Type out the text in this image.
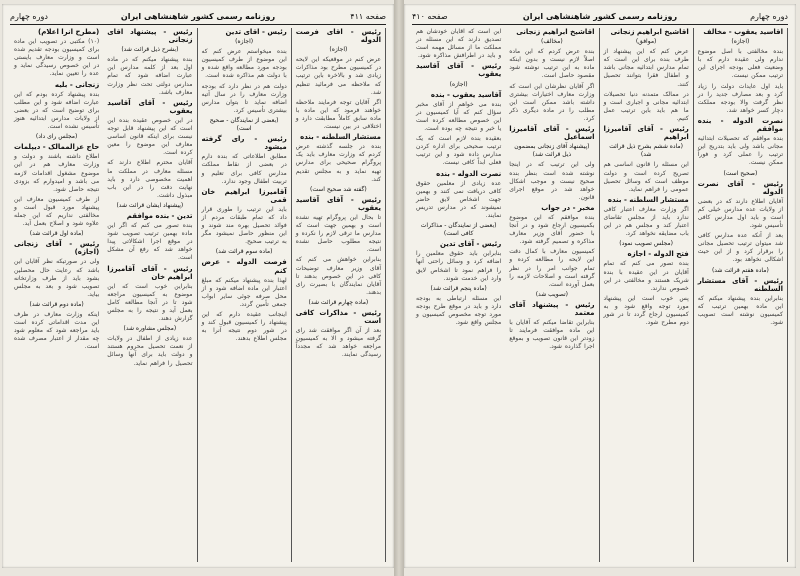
صفحه ۴۱۱
روزنامه رسمی کشور شاهنشاهی ایران
دوره چهارم

(مطرح آنرا اعلام)

(۱۰) مکتبی در تصویب این ماده برای کمیسیون بودجه تقدیم شده است و وزارت معارف بایستی در این خصوص رسیدگی نماید و عده را تعیین نماید.

زنجانی - بلیه

بنده پیشنهاد کرده بودم که این عبارت اضافه شود و این مطلب برای توضیح است که در بعضی از ولایات مدارس ابتدائیه هنوز تأسیس نشده است.

(مجلس رای داد)

حاج عزالممالک - دیپلمات

اطلاع داشته باشند و دولت و وزارت معارف هم در این موضوع مشغول اقدامات لازمه می باشد و امیدوارم که بزودی نتیجه حاصل شود.

از طرف کمیسیون معارف این پیشنهاد مورد قبول است و مخالفتی نداریم که این جمله علاوه شود و اصلاح بعمل آید.

(ماده اول قرائت شد)

رئیس - آقای زنجانی (اجازه)

ولی در صورتیکه نظر آقایان این باشد که رعایت حال محصلین بشود باید از طرف وزارتخانه تصویب شود و بعد به مجلس بیاید.

(ماده دوم قرائت شد)

اینکه وزارت معارف در ظرف این مدت اقداماتی کرده است باید مراجعه شود که معلوم شود چه مقدار از اعتبار مصرف شده است.

رئیس - پیشنهاد آقای زنجانی

(بشرح ذیل قرائت شد)

بنده پیشنهاد میکنم که در ماده اول بعد از کلمه مدارس این عبارت اضافه شود که تمام مدارس دولتی تحت نظر وزارت معارف باشد.

رئیس - آقای آقاسید یعقوب

در این خصوص عقیده بنده این است که این پیشنهاد قابل توجه نیست برای اینکه قانون اساسی معارف این موضوع را معین کرده است.

آقایان محترم اطلاع دارند که مسئله معارف در مملکت ما اهمیت مخصوصی دارد و باید نهایت دقت را در این باب مبذول داشت.

(پیشنهاد ایشان قرائت شد)

تدین - بنده موافقم

بنده تصور می کنم که اگر این ماده بهمین ترتیب تصویب شود در موقع اجرا اشکالاتی پیدا خواهد شد که رفع آن مشکل است.

رئیس - آقای آقامیرزا ابراهیم خان

بنابراین خوب است که این موضوع به کمیسیون مراجعه شود تا در آنجا مطالعه کامل بعمل آید و نتیجه را به مجلس گزارش دهند.

(مجلس مشاوره شد)

عده زیادی از اطفال در ولایات از نعمت تحصیل محروم هستند و دولت باید برای آنها وسائل تحصیل را فراهم نماید.

رئیس - آقای تدین

(اجازه)

بنده میخواستم عرض کنم که این موضوع از طرف کمیسیون بودجه مورد مطالعه واقع شده و با دولت هم مذاکره شده است.

دولت هم در نظر دارد که بودجه وزارت معارف را در سال آتیه اضافه نماید تا بتوان مدارس بیشتری تأسیس کرد.

(بعضی از نمایندگان - صحیح است)

رئیس - رای گرفته میشود

مطابق اطلاعاتی که بنده دارم در بعضی از نقاط مملکت مدارس کافی برای تعلیم و تربیت اطفال وجود ندارد.

آقامیرزا ابراهیم خان قمی

باید این ترتیب را طوری قرار داد که تمام طبقات مردم از فوائد تحصیل بهره مند شوند و این منظور حاصل نمیشود مگر به ترتیب صحیح.

(ماده سوم قرائت شد)

فرصت الدوله - عرض کنم

لهذا بنده پیشنهاد میکنم که مبلغ اعتبار این ماده اضافه شود و از محل صرفه جوئی سایر ابواب جمعی تأمین گردد.

اینجانب عقیده دارم که این پیشنهاد را کمیسیون قبول کند و در شور دوم نتیجه آنرا به مجلس اطلاع بدهند.

رئیس - آقای فرصت الدوله

(اجازه)

عرض کنم در موقعیکه این لایحه در کمیسیون مطرح بود مذاکرات زیادی شد و بالاخره باین ترتیب که ملاحظه می فرمائید تنظیم شد.

اگر آقایان توجه فرمایند ملاحظه خواهند فرمود که این ماده با ماده سابق کاملاً مطابقت دارد و اختلافی در بین نیست.

مستشار السلطنه - بنده

بنده در جلسه گذشته عرض کردم که وزارت معارف باید یک پروگرام صحیحی برای مدارس تهیه نماید و به مجلس تقدیم کند.

(گفته شد صحیح است)

رئیس - آقای آقاسید یعقوب

تا بحال این پروگرام تهیه نشده است و بهمین جهت است که مدارس ما ترقی لازم را نکرده و نتیجه مطلوب حاصل نشده است.

بنابراین خواهش می کنم که آقای وزیر معارف توضیحات کافی در این خصوص بدهند تا آقایان نمایندگان با بصیرت رای بدهند.

(ماده چهارم قرائت شد)

رئیس - مذاکرات کافی است

بعد از آن اگر موافقت شد رای گرفته میشود و الا به کمیسیون مراجعه خواهد شد که مجدداً رسیدگی نمایند.

صفحه ۴۱۰	روزنامه رسمی کشور شاهنشاهی ایران	دوره چهارم

این است که آقایان خودشان هم تصدیق دارند که این مسئله در مملکت ما از مسائل مهمه است و باید در اطرافش مذاکره شود.

رئیس - آقای آقاسید یعقوب

(اجازه)

آقاسید یعقوب - بنده

بنده می خواهم از آقای مخبر سؤال کنم که آیا کمیسیون در این خصوص مطالعه کرده است یا خیر و نتیجه چه بوده است.

بعقیده بنده لازم است که یک ترتیب صحیحی برای اداره کردن مدارس داده شود و این ترتیب فعلی ابداً کافی نیست.

نصرت الدوله - بنده

عده زیادی از معلمین حقوق کافی دریافت نمی کنند و بهمین جهت اشخاص لایق حاضر نمیشوند که در مدارس تدریس نمایند.

(بعضی از نمایندگان - مذاکرات کافی است)

رئیس - آقای تدین

بنابراین باید حقوق معلمین را اضافه کرد و وسائل راحتی آنها را فراهم نمود تا اشخاص لایق وارد این خدمت شوند.

(ماده پنجم قرائت شد)

این مسئله ارتباطی به بودجه دارد و باید در موقع طرح بودجه مورد توجه مخصوص کمیسیون و مجلس واقع شود.

آقاشیخ ابراهیم زنجانی

(مخالف)

بنده عرض کردم که این ماده اصلاً لازم نیست و بدون اینکه ماده به این ترتیب نوشته شود مقصود حاصل است.

اگر آقایان نظرشان این است که وزارت معارف اختیارات بیشتری داشته باشد ممکن است این مطلب را در ماده دیگری ذکر کرد.

رئیس - آقای آقامیرزا اسماعیل

(پیشنهاد آقای زنجانی بمضمون ذیل قرائت شد)

ولی این ترتیب که در اینجا نوشته شده است بنظر بنده صحیح نیست و موجب اشکال خواهد شد در موقع اجرای قانون.

مخبر - در جواب

بنده موافقم که این موضوع بکمیسیون ارجاع شود و در آنجا با حضور آقای وزیر معارف مذاکره و تصمیم گرفته شود.

کمیسیون معارف با کمال دقت این لایحه را مطالعه کرده و تمام جوانب امر را در نظر گرفته است و اصلاحات لازمه را بعمل آورده است.

(تصویب شد)

رئیس - پیشنهاد آقای معتمد

بنابراین تقاضا میکنم که آقایان با این ماده موافقت فرمایند تا زودتر این قانون تصویب و بموقع اجرا گذارده شود.

آقاشیخ ابراهیم زنجانی

(موافق)

عرض کنم که این پیشنهاد از طرف بنده برای این است که تمام مدارس ابتدائیه مجانی باشد و اطفال فقرا بتوانند تحصیل کنند.

در ممالک متمدنه دنیا تحصیلات ابتدائیه مجانی و اجباری است و ما هم باید باین ترتیب عمل کنیم.

رئیس - آقای آقامیرزا ابراهیم

(ماده ششم بشرح ذیل قرائت شد)

این مسئله را قانون اساسی هم تصریح کرده است و دولت موظف است که وسائل تحصیل عمومی را فراهم نماید.

مستشار السلطنه - بنده

اگر وزارت معارف اعتبار کافی ندارد باید از مجلس تقاضای اعتبار کند و مجلس هم در این باب مضایقه نخواهد کرد.

(مجلس تصویب نمود)

فتح الدوله - اجازه

بنده تصور می کنم که تمام آقایان در این عقیده با بنده شریک هستند و مخالفتی در این خصوص ندارند.

پس خوب است این پیشنهاد مورد توجه واقع شود و به کمیسیون ارجاع گردد تا در شور دوم مطرح شود.

آقاسید یعقوب - مخالف

(اجازه)

بنده مخالفتی با اصل موضوع ندارم ولی عقیده دارم که با وضعیت فعلی بودجه اجرای این ترتیب ممکن نیست.

باید اول عایدات دولت را زیاد کرد و بعد مصارف جدید را در نظر گرفت والا بودجه مملکت دچار کسر خواهد شد.

نصرت الدوله - بنده موافقم

بنده موافقم که تحصیلات ابتدائیه مجانی باشد ولی باید بتدریج این ترتیب را عملی کرد و فوراً ممکن نیست.

(صحیح است)

رئیس - آقای نصرت الدوله

آقایان اطلاع دارند که در بعضی از ولایات عده مدارس خیلی کم است و باید اول مدارس کافی تأسیس شود.

بعد از آنکه عده مدارس کافی شد میتوان ترتیب تحصیل مجانی را برقرار کرد و از این حیث اشکالی نخواهد بود.

(ماده هفتم قرائت شد)

رئیس - آقای مستشار السلطنه

بنابراین بنده پیشنهاد میکنم که این ماده بهمین ترتیب که کمیسیون نوشته است تصویب شود.
